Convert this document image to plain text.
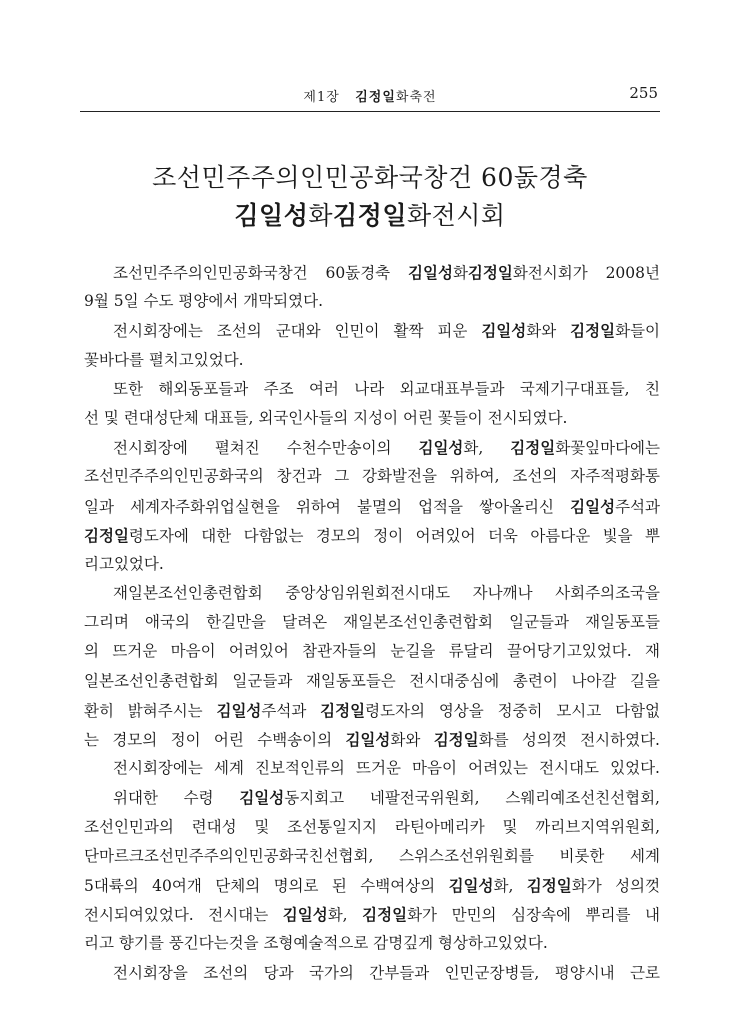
제1장 김정일화축전	255
조선민주주의인민공화국창건 60돐경축
김일성화김정일화전시회
조선민주주의인민공화국창건 60돐경축 김일성화김정일화전시회가 2008년
9월 5일 수도 평양에서 개막되였다.
전시회장에는 조선의 군대와 인민이 활짝 피운 김일성화와 김정일화들이
꽃바다를 펼치고있었다.
또한 해외동포들과 주조 여러 나라 외교대표부들과 국제기구대표들, 친
선 및 련대성단체 대표들, 외국인사들의 지성이 어린 꽃들이 전시되였다.
전시회장에 펼쳐진 수천수만송이의 김일성화, 김정일화꽃잎마다에는
조선민주주의인민공화국의 창건과 그 강화발전을 위하여, 조선의 자주적평화통
일과 세계자주화위업실현을 위하여 불멸의 업적을 쌓아올리신 김일성주석과
김정일령도자에 대한 다함없는 경모의 정이 어려있어 더욱 아름다운 빛을 뿌
리고있었다.
재일본조선인총련합회 중앙상임위원회전시대도 자나깨나 사회주의조국을
그리며 애국의 한길만을 달려온 재일본조선인총련합회 일군들과 재일동포들
의 뜨거운 마음이 어려있어 참관자들의 눈길을 류달리 끌어당기고있었다. 재
일본조선인총련합회 일군들과 재일동포들은 전시대중심에 총련이 나아갈 길을
환히 밝혀주시는 김일성주석과 김정일령도자의 영상을 정중히 모시고 다함없
는 경모의 정이 어린 수백송이의 김일성화와 김정일화를 성의껏 전시하였다.
전시회장에는 세계 진보적인류의 뜨거운 마음이 어려있는 전시대도 있었다.
위대한 수령 김일성동지회고 네팔전국위원회, 스웨리예조선친선협회,
조선인민과의 련대성 및 조선통일지지 라틴아메리카 및 까리브지역위원회,
단마르크조선민주주의인민공화국친선협회, 스위스조선위원회를 비롯한 세계
5대륙의 40여개 단체의 명의로 된 수백여상의 김일성화, 김정일화가 성의껏
전시되여있었다. 전시대는 김일성화, 김정일화가 만민의 심장속에 뿌리를 내
리고 향기를 풍긴다는것을 조형예술적으로 감명깊게 형상하고있었다.
전시회장을 조선의 당과 국가의 간부들과 인민군장병들, 평양시내 근로
